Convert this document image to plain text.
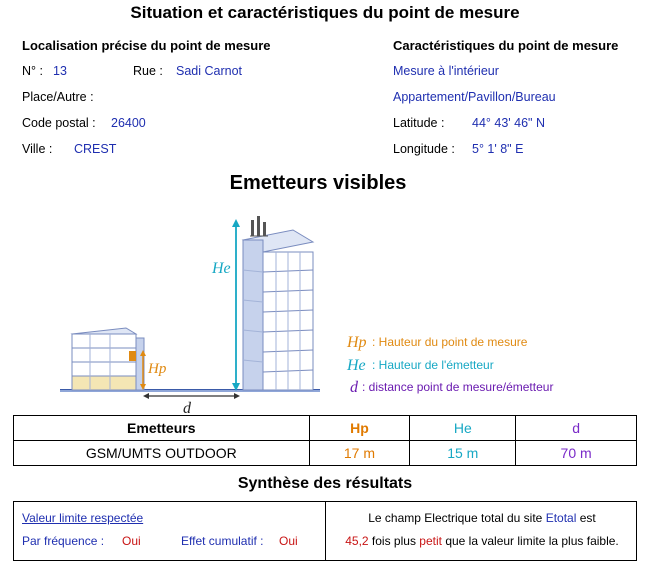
Situation et caractéristiques du point de mesure
Localisation précise du point de mesure
N° : 13	Rue : Sadi Carnot
Place/Autre :
Code postal : 26400
Ville : CREST
Caractéristiques du point de mesure
Mesure à l'intérieur
Appartement/Pavillon/Bureau
Latitude : 44° 43' 46" N
Longitude : 5° 1' 8" E
Emetteurs visibles
Hp
d
He
Hp : Hauteur du point de mesure
He : Hauteur de l'émetteur
d : distance point de mesure/émetteur
Emetteurs	Hp	He	d
GSM/UMTS OUTDOOR	17 m	15 m	70 m
Synthèse des résultats
Valeur limite respectée
Par fréquence : Oui	Effet cumulatif : Oui
Le champ Electrique total du site Etotal est
45,2 fois plus petit que la valeur limite la plus faible.
